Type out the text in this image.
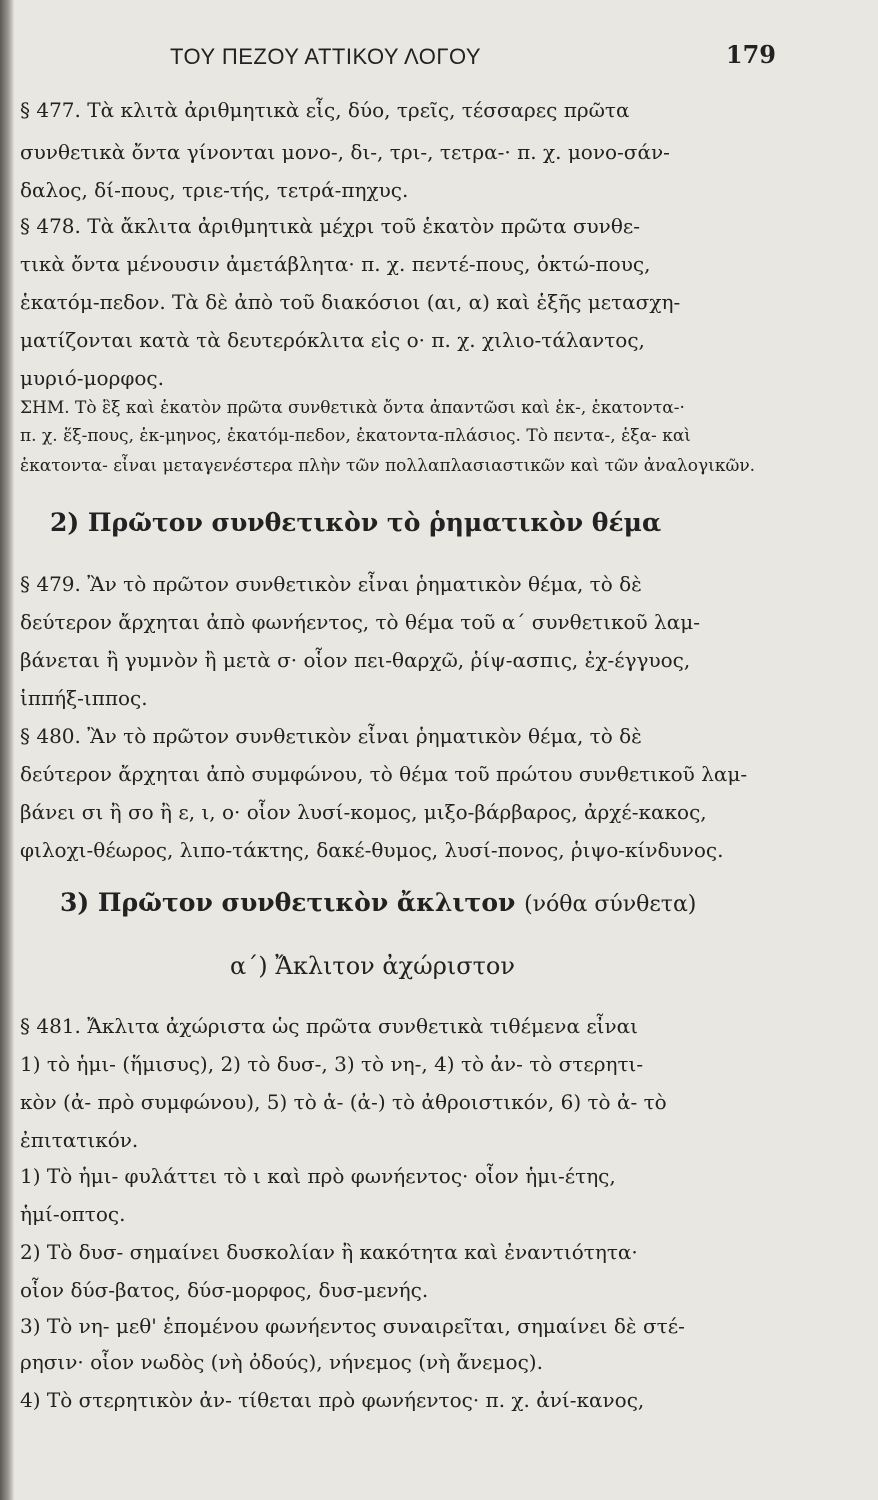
ΤΟΥ ΠΕΖΟΥ ΑΤΤΙΚΟΥ ΛΟΓΟΥ	179
§ 477. Τὰ κλιτὰ ἀριθμητικὰ εἷς, δύο, τρεῖς, τέσσαρες πρῶτα
συνθετικὰ ὄντα γίνονται μονο-, δι-, τρι-, τετρα-· π. χ. μονο-σάν-
δαλος, δί-πους, τριε-τής, τετρά-πηχυς.
§ 478. Τὰ ἄκλιτα ἀριθμητικὰ μέχρι τοῦ ἑκατὸν πρῶτα συνθε-
τικὰ ὄντα μένουσιν ἀμετάβλητα· π. χ. πεντέ-πους, ὀκτώ-πους,
ἑκατόμ-πεδον. Τὰ δὲ ἀπὸ τοῦ διακόσιοι (αι, α) καὶ ἑξῆς μετασχη-
ματίζονται κατὰ τὰ δευτερόκλιτα εἰς ο· π. χ. χιλιο-τάλαντος,
μυριό-μορφος.
ΣΗΜ. Τὸ ἓξ καὶ ἑκατὸν πρῶτα συνθετικὰ ὄντα ἀπαντῶσι καὶ ἑκ-, ἑκατοντα-·
π. χ. ἕξ-πους, ἑκ-μηνος, ἑκατόμ-πεδον, ἑκατοντα-πλάσιος. Τὸ πεντα-, ἑξα- καὶ
ἑκατοντα- εἶναι μεταγενέστερα πλὴν τῶν πολλαπλασιαστικῶν καὶ τῶν ἀναλογικῶν.
2) Πρῶτον συνθετικὸν τὸ ῥηματικὸν θέμα
§ 479. Ἂν τὸ πρῶτον συνθετικὸν εἶναι ῥηματικὸν θέμα, τὸ δὲ
δεύτερον ἄρχηται ἀπὸ φωνήεντος, τὸ θέμα τοῦ α΄ συνθετικοῦ λαμ-
βάνεται ἢ γυμνὸν ἢ μετὰ σ· οἷον πει-θαρχῶ, ῥίψ-ασπις, ἐχ-έγγυος,
ἱππήξ-ιππος.
§ 480. Ἂν τὸ πρῶτον συνθετικὸν εἶναι ῥηματικὸν θέμα, τὸ δὲ
δεύτερον ἄρχηται ἀπὸ συμφώνου, τὸ θέμα τοῦ πρώτου συνθετικοῦ λαμ-
βάνει σι ἢ σο ἢ ε, ι, ο· οἷον λυσί-κομος, μιξο-βάρβαρος, ἀρχέ-κακος,
φιλοχι-θέωρος, λιπο-τάκτης, δακέ-θυμος, λυσί-πονος, ῥιψο-κίνδυνος.
3) Πρῶτον συνθετικὸν ἄκλιτον (νόθα σύνθετα)
α΄) Ἄκλιτον ἀχώριστον
§ 481. Ἄκλιτα ἀχώριστα ὡς πρῶτα συνθετικὰ τιθέμενα εἶναι
1) τὸ ἡμι- (ἥμισυς), 2) τὸ δυσ-, 3) τὸ νη-, 4) τὸ ἀν- τὸ στερητι-
κὸν (ἀ- πρὸ συμφώνου), 5) τὸ ἁ- (ἀ-) τὸ ἀθροιστικόν, 6) τὸ ἀ- τὸ
ἐπιτατικόν.
1) Τὸ ἡμι- φυλάττει τὸ ι καὶ πρὸ φωνήεντος· οἷον ἡμι-έτης,
ἡμί-οπτος.
2) Τὸ δυσ- σημαίνει δυσκολίαν ἢ κακότητα καὶ ἐναντιότητα·
οἷον δύσ-βατος, δύσ-μορφος, δυσ-μενής.
3) Τὸ νη- μεθ' ἑπομένου φωνήεντος συναιρεῖται, σημαίνει δὲ στέ-
ρησιν· οἷον νωδὸς (νὴ ὀδούς), νήνεμος (νὴ ἄνεμος).
4) Τὸ στερητικὸν ἀν- τίθεται πρὸ φωνήεντος· π. χ. ἀνί-κανος,
